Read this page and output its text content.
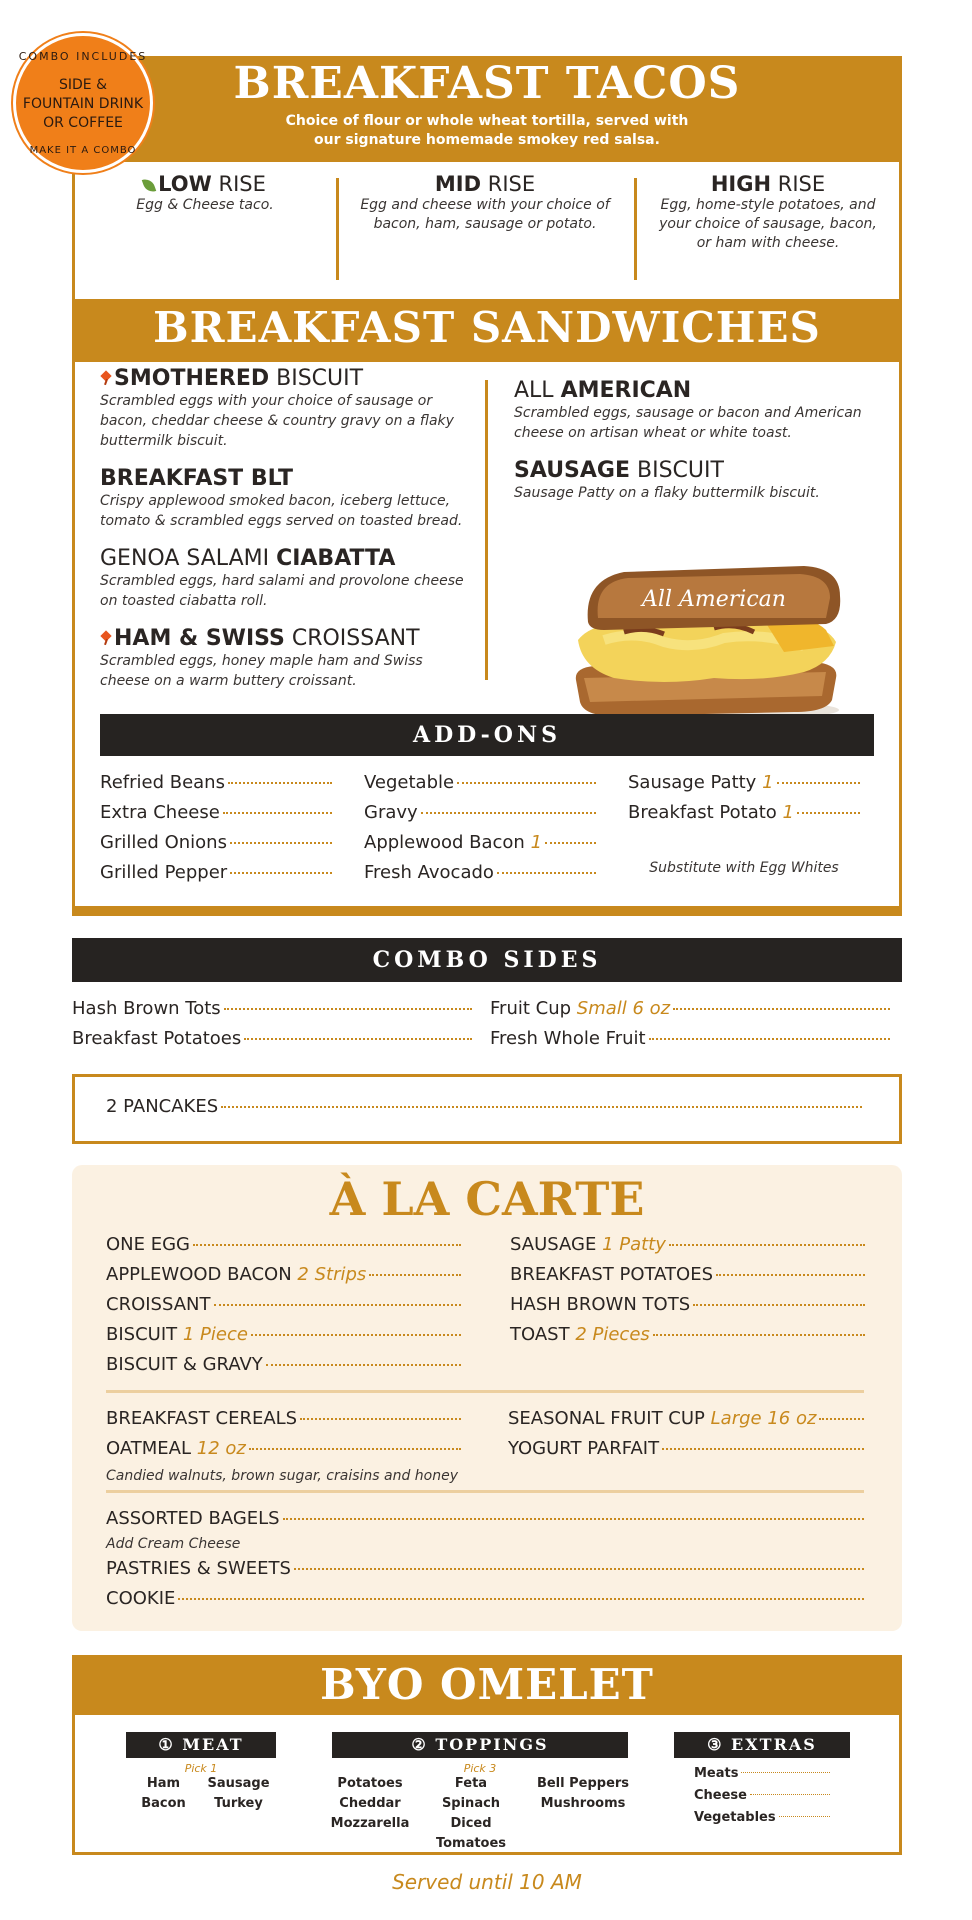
COMBO INCLUDES
SIDE &
FOUNTAIN DRINK
OR COFFEE
MAKE IT A COMBO
BREAKFAST TACOS
Choice of flour or whole wheat tortilla, served with
our signature homemade smokey red salsa.
LOW RISE
Egg & Cheese taco.
MID RISE
Egg and cheese with your choice of
bacon, ham, sausage or potato.
HIGH RISE
Egg, home-style potatoes, and
your choice of sausage, bacon,
or ham with cheese.
BREAKFAST SANDWICHES
SMOTHERED BISCUIT
Scrambled eggs with your choice of sausage or
bacon, cheddar cheese & country gravy on a flaky
buttermilk biscuit.
BREAKFAST BLT
Crispy applewood smoked bacon, iceberg lettuce,
tomato & scrambled eggs served on toasted bread.
GENOA SALAMI CIABATTA
Scrambled eggs, hard salami and provolone cheese
on toasted ciabatta roll.
HAM & SWISS CROISSANT
Scrambled eggs, honey maple ham and Swiss
cheese on a warm buttery croissant.
ALL AMERICAN
Scrambled eggs, sausage or bacon and American
cheese on artisan wheat or white toast.
SAUSAGE BISCUIT
Sausage Patty on a flaky buttermilk biscuit.
All American
ADD-ONS
Refried Beans
Extra Cheese
Grilled Onions
Grilled Pepper
Vegetable
Gravy
Applewood Bacon
1
Fresh Avocado
Sausage Patty
1
Breakfast Potato
1
Substitute with Egg Whites
COMBO SIDES
Hash Brown Tots
Breakfast Potatoes
Fruit Cup
Small 6 oz
Fresh Whole Fruit
2 PANCAKES
À LA CARTE
ONE EGG
APPLEWOOD BACON
2 Strips
CROISSANT
BISCUIT
1 Piece
BISCUIT & GRAVY
SAUSAGE
1 Patty
BREAKFAST POTATOES
HASH BROWN TOTS
TOAST
2 Pieces
BREAKFAST CEREALS
OATMEAL
12 oz
Candied walnuts, brown sugar, craisins and honey
SEASONAL FRUIT CUP
Large 16 oz
YOGURT PARFAIT
ASSORTED BAGELS
Add Cream Cheese
PASTRIES & SWEETS
COOKIE
BYO OMELET
① MEAT
Pick 1
Ham	Sausage
Bacon	Turkey
② TOPPINGS
Pick 3
Potatoes	Feta	Bell Peppers
Cheddar	Spinach	Mushrooms
Mozzarella	Diced Tomatoes
③ EXTRAS
Meats
Cheese
Vegetables
Served until 10 AM
